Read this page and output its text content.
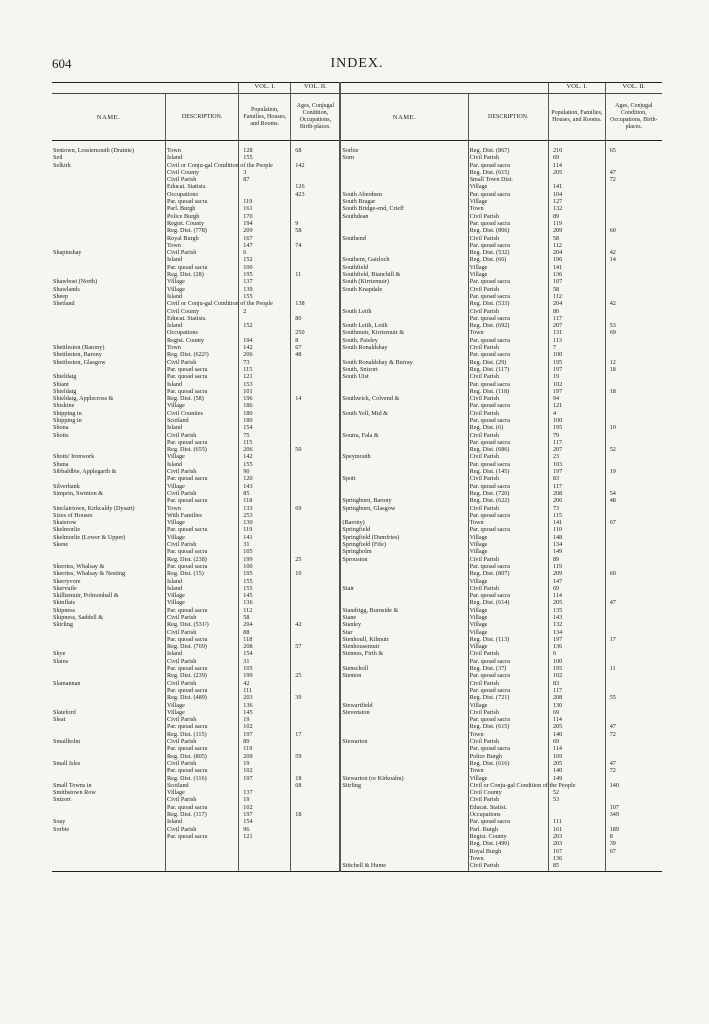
604	INDEX.
		VOL. I.	VOL. II.			VOL. I.	VOL. II.
NAME.	DESCRIPTION.	Population, Families, Houses, and Rooms.	Ages, Conjugal Condition, Occupations, Birth-places.	NAME.	DESCRIPTION.	Population, Families, Houses, and Rooms.	Ages, Conjugal Condition, Occupations, Birth-places.
Sentown, Lossiemouth (Drainie)	Town	128	68	Sorbie	Reg. Dist. (867)	210	65
Seil	Island	155		Sorn	Civil Parish	69	
Selkirk	Civil or Conju-gal Condition of the People		142		Par. quoad sacra	114	
	Civil County	3			Reg. Dist. (615)	205	47
	Civil Parish	87			Small Town Dist.		72
	Educat. Statists.		126		Village	141	
	Occupations		423	South Aberdeen	Par. quoad sacra	104	
	Par. quoad sacra	119		South Bragar	Village	127	
	Parl. Burgh	161		South Bridge-end, Crieff	Town	132	
	Police Burgh	170		Southdean	Civil Parish	89	
	Regist. County	194	9		Par. quoad sacra	119	
	Reg. Dist. (778)	209	58		Reg. Dist. (806)	209	60
	Royal Burgh	167		Southend	Civil Parish	58	
	Town	147	74		Par. quoad sacra	112	
Shapinshay	Civil Parish	6			Reg. Dist. (532)	204	42
	Island	152		Southern, Gairloch	Reg. Dist. (66)	196	14
	Par. quoad sacra	100		Southfield	Village	141	
	Reg. Dist. (28)	195	11	Southfield, Bianchill &	Village	136	
Shawbost (North)	Village	137		South (Kirriemuir)	Par. quoad sacra	107	
Shawlands	Village	139		South Knapdale	Civil Parish	58	
Sheep	Island	155			Par. quoad sacra	112	
Shetland	Civil or Conju-gal Condition of the People		138		Reg. Dist. (533)	204	42
	Civil County	2		South Leith	Civil Parish	80	
	Educat. Statists.		80		Par. quoad sacra	117	
	Island	152		South Leith, Leith	Reg. Dist. (692)	207	53
	Occupations		250	Southmuir, Kirriemuir &	Town	131	69
	Regist. County	194	8	South, Paisley	Par. quoad sacra	113	
Shettleston (Barony)	Town	142	67	South Ronaldshay	Civil Parish	7	
Shettleston, Barony	Reg. Dist. (622²)	206	48		Par. quoad sacra	100	
Shettleston, Glasgow	Civil Parish	73		South Ronaldshay & Burray	Reg. Dist. (29)	195	12
	Par. quoad sacra	115		South, Snizort	Reg. Dist. (117)	197	18
Shieldaig	Par. quoad sacra	121		South Uist	Civil Parish	19	
Shiant	Island	153			Par. quoad sacra	102	
Shieldaig	Par. quoad sacra	101			Reg. Dist. (118)	197	18
Shieldaig, Applecross &	Reg. Dist. (58)	196	14	Southwick, Colvend &	Civil Parish	94	
Shiskine	Village	186			Par. quoad sacra	121	
Shipping in	Civil Counties	180		South Yell, Mid &	Civil Parish	4	
Shipping in	Scotland	180			Par. quoad sacra	100	
Shona	Island	154			Reg. Dist. (6)	195	10
Shotts	Civil Parish	75		Soutra, Fala &	Civil Parish	79	
	Par. quoad sacra	115			Par. quoad sacra	117	
	Reg. Dist. (655)	206	50		Reg. Dist. (686)	207	52
Shotts' Ironwork	Village	142		Speymouth	Civil Parish	23	
Shuna	Island	155			Par. quoad sacra	103	
Sibbaldbie, Applegarth &	Civil Parish	90			Reg. Dist. (145)	197	19
	Par. quoad sacra	120		Spott	Civil Parish	83	
Silverbank	Village	143			Par. quoad sacra	117	
Simprin, Swinton &	Civil Parish	85			Reg. Dist. (720)	208	54
	Par. quoad sacra	118		Springburn, Barony	Reg. Dist. (622)	206	48
Sinclairtown, Kirkcaldy (Dysart)	Town	133	69	Springburn, Glasgow	Civil Parish	73	
Sizes of Houses	With Families	253			Par. quoad sacra	115	
Skaterow	Village	130		(Barony)	Town	141	67
Skelmorlie	Par. quoad sacra	119		Springfield	Par. quoad sacra	110	
Skelmorlie (Lower & Upper)	Village	141		Springfield (Dumfries)	Village	148	
Skene	Civil Parish	31		Springfield (Fife)	Village	134	
	Par. quoad sacra	105		Springholm	Village	149	
	Reg. Dist. (238)	199	25	Sprouston	Civil Parish	89	
Skerries, Whalsay &	Par. quoad sacra	100			Par. quoad sacra	119	
Skerries, Whalsay & Nesting	Reg. Dist. (15)	195	10		Reg. Dist. (807)	209	60
Skerryvore	Island	155			Village	147	
Skervuile	Island	155		Stair	Civil Parish	69	
Skilliemuir, Polmonhall &	Village	145			Par. quoad sacra	114	
Skinflats	Village	136			Reg. Dist. (614)	205	47
Skipness	Par. quoad sacra	112		Standrigg, Burnside &	Village	135	
Skipness, Saddell &	Civil Parish	58		Stane	Village	143	
Skirling	Reg. Dist. (531²)	204	42	Stanley	Village	132	
	Civil Parish	88		Star	Village	134	
	Par. quoad sacra	118		Stenhoull, Kilmuir	Reg. Dist. (113)	197	17
	Reg. Dist. (769)	208	57	Stenhousemuir	Village	136	
Skye	Island	154		Stennes, Firth &	Civil Parish	6	
Slains	Civil Parish	31			Par. quoad sacra	100	
	Par. quoad sacra	105		Stenscholl	Reg. Dist. (37)	195	11
	Reg. Dist. (239)	199	25	Stenton	Par. quoad sacra	102	
Slamannan	Civil Parish	42			Civil Parish	83	
	Par. quoad sacra	111			Par. quoad sacra	117	
	Reg. Dist. (489)	203	39		Reg. Dist. (721)	208	55
	Village	136		Stewartfield	Village	130	
Slateford	Village	145		Stevenston	Civil Parish	69	
Sleat	Civil Parish	19			Par. quoad sacra	114	
	Par. quoad sacra	102			Reg. Dist. (615)	205	47
	Reg. Dist. (115)	197	17		Town	140	72
Smailholm	Civil Parish	89		Stewarton	Civil Parish	69	
	Par. quoad sacra	119			Par. quoad sacra	114	
	Reg. Dist. (805)	209	59		Police Burgh	169	
Small Isles	Civil Parish	19			Reg. Dist. (616)	205	47
	Par. quoad sacra	102			Town	140	72
	Reg. Dist. (116)	197	18	Stewarton (or Kirkoalm)	Village	149	
Small Towns in	Scotland		68	Stirling	Civil or Conju-gal Condition of the People		140
Smithstown Row	Village	137			Civil County	52	
Snizort	Civil Parish	19			Civil Parish	53	
	Par. quoad sacra	102			Educat. Statist.		107
	Reg. Dist. (117)	197	18		Occupations		349
Soay	Island	154			Par. quoad sacra	111	
Sorbie	Civil Parish	96			Parl. Burgh	161	189
	Par. quoad sacra	121			Regist. County	203	8
					Reg. Dist. (490)	203	39
					Royal Burgh	167	67
					Town	136	
				Stitchell & Hume	Civil Parish	85	
